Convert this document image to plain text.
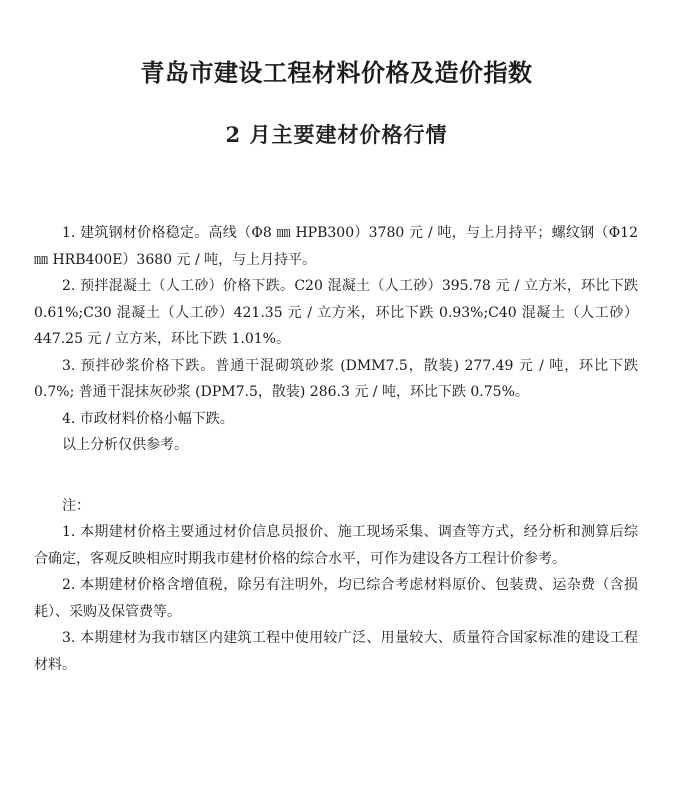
青岛市建设工程材料价格及造价指数
2 月主要建材价格行情

1. 建筑钢材价格稳定。高线（Φ8 ㎜ HPB300）3780 元 / 吨，与上月持平；螺纹钢（Φ12 ㎜ HRB400E）3680 元 / 吨，与上月持平。

2. 预拌混凝土（人工砂）价格下跌。C20 混凝土（人工砂）395.78 元 / 立方米，环比下跌 0.61%;C30 混凝土（人工砂）421.35 元 / 立方米，环比下跌 0.93%;C40 混凝土（人工砂）447.25 元 / 立方米，环比下跌 1.01%。

3. 预拌砂浆价格下跌。普通干混砌筑砂浆 (DMM7.5，散装) 277.49 元 / 吨，环比下跌 0.7%; 普通干混抹灰砂浆 (DPM7.5，散装) 286.3 元 / 吨，环比下跌 0.75%。

4. 市政材料价格小幅下跌。

以上分析仅供参考。

注：

1. 本期建材价格主要通过材价信息员报价、施工现场采集、调查等方式，经分析和测算后综合确定，客观反映相应时期我市建材价格的综合水平，可作为建设各方工程计价参考。

2. 本期建材价格含增值税，除另有注明外，均已综合考虑材料原价、包装费、运杂费（含损耗）、采购及保管费等。

3. 本期建材为我市辖区内建筑工程中使用较广泛、用量较大、质量符合国家标准的建设工程材料。
